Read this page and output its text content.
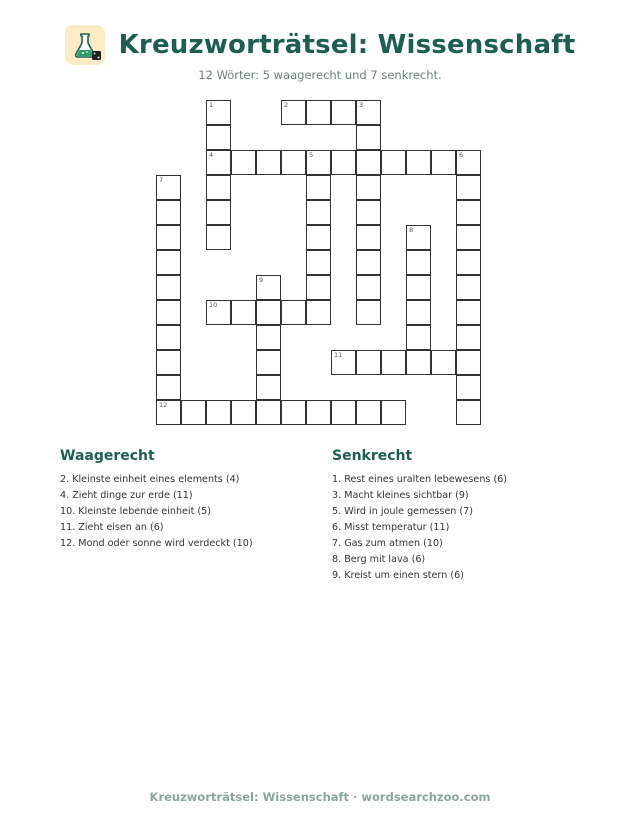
Kreuzworträtsel: Wissenschaft
12 Wörter: 5 waagerecht und 7 senkrecht.
1	2	3
4	5	6
7
8
9
10
11
12
Waagerecht
2. Kleinste einheit eines elements (4)
4. Zieht dinge zur erde (11)
10. Kleinste lebende einheit (5)
11. Zieht eisen an (6)
12. Mond oder sonne wird verdeckt (10)
Senkrecht
1. Rest eines uralten lebewesens (6)
3. Macht kleines sichtbar (9)
5. Wird in joule gemessen (7)
6. Misst temperatur (11)
7. Gas zum atmen (10)
8. Berg mit lava (6)
9. Kreist um einen stern (6)
Kreuzworträtsel: Wissenschaft · wordsearchzoo.com
